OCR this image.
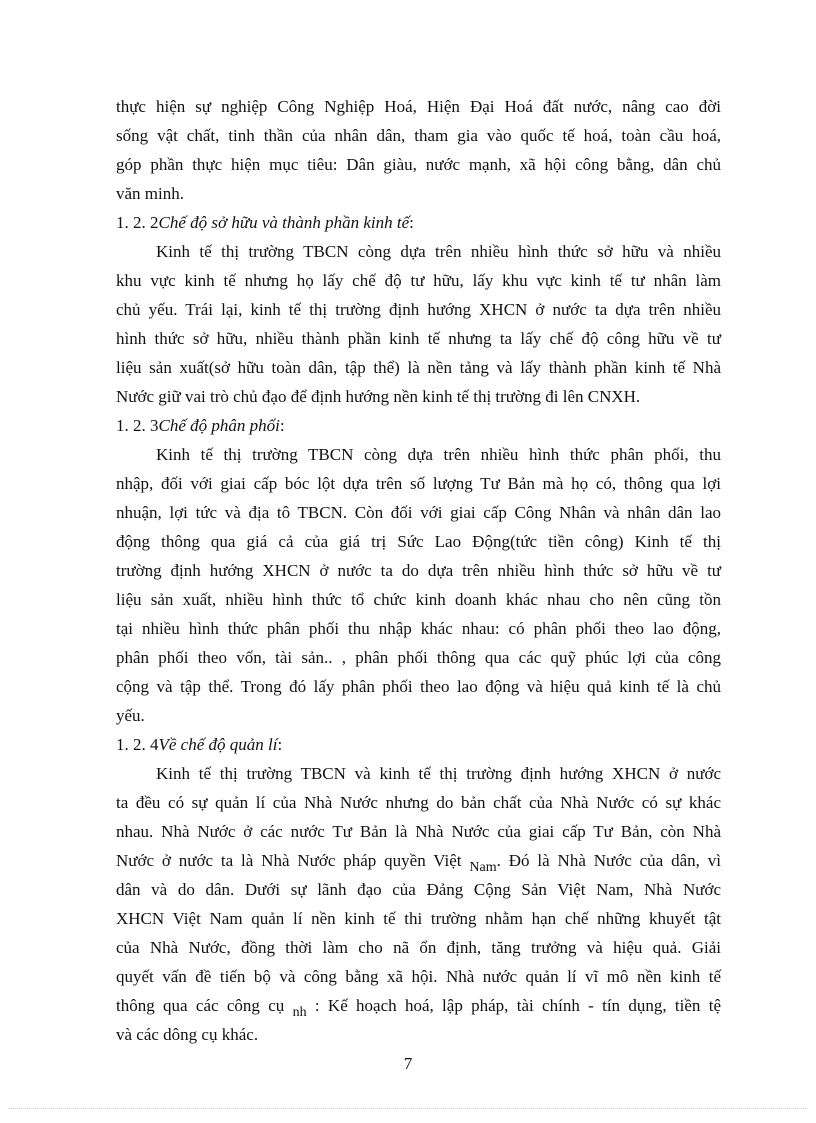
thực hiện sự nghiệp Công Nghiệp Hoá, Hiện Đại Hoá đất nước, nâng cao đời
sống vật chất, tinh thần của nhân dân, tham gia vào quốc tế hoá, toàn cầu hoá,
góp phần thực hiện mục tiêu: Dân giàu, nước mạnh, xã hội công bằng, dân chủ
văn minh.
1. 2. 2Chế độ sở hữu và thành phần kinh tế:
Kinh tế thị trường TBCN còng dựa trên nhiều hình thức sở hữu và nhiều
khu vực kinh tế nhưng họ lấy chế độ tư hữu, lấy khu vực kinh tế tư nhân làm
chủ yếu. Trái lại, kinh tế thị trường định hướng XHCN ở nước ta dựa trên nhiều
hình thức sở hữu, nhiều thành phần kinh tế nhưng ta lấy chế độ công hữu về tư
liệu sản xuất(sở hữu toàn dân, tập thể) là nền tảng và lấy thành phần kinh tế Nhà
Nước giữ vai trò chủ đạo để định hướng nền kinh tế thị trường đi lên CNXH.
1. 2. 3Chế độ phân phối:
Kinh tế thị trường TBCN còng dựa trên nhiều hình thức phân phối, thu
nhập, đối với giai cấp bóc lột dựa trên số lượng Tư Bản mà họ có, thông qua lợi
nhuận, lợi tức và địa tô TBCN. Còn đối với giai cấp Công Nhân và nhân dân lao
động thông qua giá cả của giá trị Sức Lao Động(tức tiền công) Kinh tế thị
trường định hướng XHCN ở nước ta do dựa trên nhiều hình thức sở hữu về tư
liệu sản xuất, nhiều hình thức tổ chức kinh doanh khác nhau cho nên cũng tồn
tại nhiều hình thức phân phối thu nhập khác nhau: có phân phối theo lao động,
phân phối theo vốn, tài sản.. , phân phối thông qua các quỹ phúc lợi của công
cộng và tập thể. Trong đó lấy phân phối theo lao động và hiệu quả kinh tế là chủ
yếu.
1. 2. 4Về chế độ quản lí:
Kinh tế thị trường TBCN và kinh tế thị trường định hướng XHCN ở nước
ta đều có sự quản lí của Nhà Nước nhưng do bản chất của Nhà Nước có sự khác
nhau. Nhà Nước ở các nước Tư Bản là Nhà Nước của giai cấp Tư Bản, còn Nhà
Nước ở nước ta là Nhà Nước pháp quyền Việt $_{Nam}$. Đó là Nhà Nước của dân, vì
dân và do dân. Dưới sự lãnh đạo của Đảng Cộng Sản Việt Nam, Nhà Nước
XHCN Việt Nam quản lí nền kinh tế thi trường nhằm hạn chế những khuyết tật
của Nhà Nước, đồng thời làm cho nã ổn định, tăng trưởng và hiệu quả. Giải
quyết vấn đề tiến bộ và công bằng xã hội. Nhà nước quản lí vĩ mô nền kinh tế
thông qua các công cụ $_{nh}$ : Kế hoạch hoá, lập pháp, tài chính - tín dụng, tiền tệ
và các dông cụ khác.
7
